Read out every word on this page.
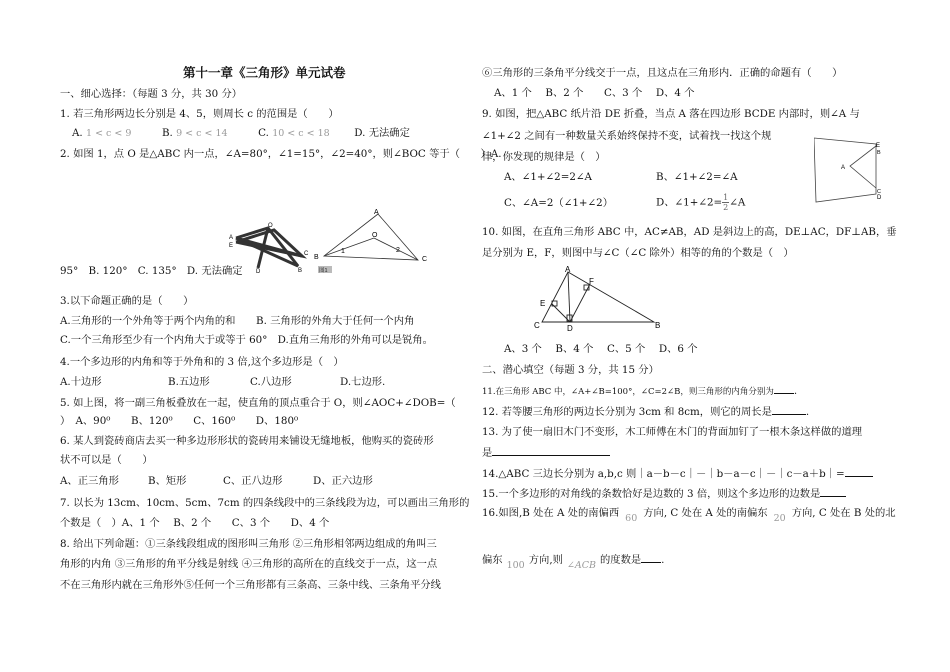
第十一章《三角形》单元试卷
一、细心选择：（每题 3 分，共 30 分）
1. 若三角形两边长分别是 4、5，则周长 c 的范围是（　　）
A. 1 < c < 9	B. 9 < c < 14	C. 10 < c < 18 D. 无法确定
2. 如图 1，点 O 是△ABC 内一点，∠A=80°，∠1=15°，∠2=40°，则∠BOC 等于（　　）A.
A
B
C
D
E
O
A
B	C
O
1	2
图1
95°　B. 120°　C. 135°　D. 无法确定
3.以下命题正确的是（　　）
A.三角形的一个外角等于两个内角的和　　B. 三角形的外角大于任何一个内角
C.一个三角形至少有一个内角大于或等于 60°　D.直角三角形的外角可以是锐角。
4.一个多边形的内角和等于外角和的 3 倍,这个多边形是（　）
A.十边形	B.五边形	C.八边形	D.七边形.
5. 如上图，将一副三角板叠放在一起，使直角的顶点重合于 O，则∠AOC+∠DOB=（
）　A、90⁰　　B、120⁰　　C、160⁰　　D、180⁰
6. 某人到瓷砖商店去买一种多边形形状的瓷砖用来铺设无缝地板，他购买的瓷砖形
状不可以是（　　）
A、正三角形	B、矩形	C、正八边形	D、正六边形
7. 以长为 13cm、10cm、5cm、7cm 的四条线段中的三条线段为边，可以画出三角形的
个数是（　）A、1 个　 B、2 个　　C、3 个　　D、4 个
8. 给出下列命题：①三条线段组成的图形叫三角形 ②三角形相邻两边组成的角叫三
角形的内角 ③三角形的角平分线是射线 ④三角形的高所在的直线交于一点，这一点
不在三角形内就在三角形外⑤任何一个三角形都有三条高、三条中线、三条角平分线
⑥三角形的三条角平分线交于一点，且这点在三角形内．正确的命题有（　　）
A、1 个　 B、2 个　　C、3 个　 D、4 个
9. 如图，把△ABC 纸片沿 DE 折叠，当点 A 落在四边形 BCDE 内部时，则∠A 与
∠1+∠2 之间有一种数量关系始终保持不变，试着找一找这个规
律，你发现的规律是（　）
E
A
D
B
C
A、∠1+∠2=2∠A	B、∠1+∠2=∠A
C、∠A=2（∠1+∠2）	D、∠1+∠2= $\frac{1}{2}$ ∠A
10. 如图，在直角三角形 ABC 中，AC≠AB，AD 是斜边上的高，DE⊥AC，DF⊥AB，垂
足分别为 E，F，则图中与∠C（∠C 除外）相等的角的个数是（　）
A
F
E
C	D	B
A、3 个　 B、4 个　 C、5 个　 D、6 个
二、潜心填空（每题 3 分，共 15 分）
11.在三角形 ABC 中，∠A+∠B=100°，∠C=2∠B，则三角形的内角分别为 .
12. 若等腰三角形的两边长分别为 3cm 和 8cm，则它的周长是	.
13. 为了使一扇旧木门不变形，木工师傅在木门的背面加钉了一根木条这样做的道理
是
14.△ABC 三边长分别为 a,b,c 则｜a－b－c｜－｜b－a－c｜－｜c－a＋b｜=
15.一个多边形的对角线的条数恰好是边数的 3 倍，则这个多边形的边数是
16.如图,B 处在 A 处的南偏西 60 方向, C 处在 A 处的南偏东 20 方向, C 处在 B 处的北
偏东 100 方向,则 ∠ACB 的度数是 .
